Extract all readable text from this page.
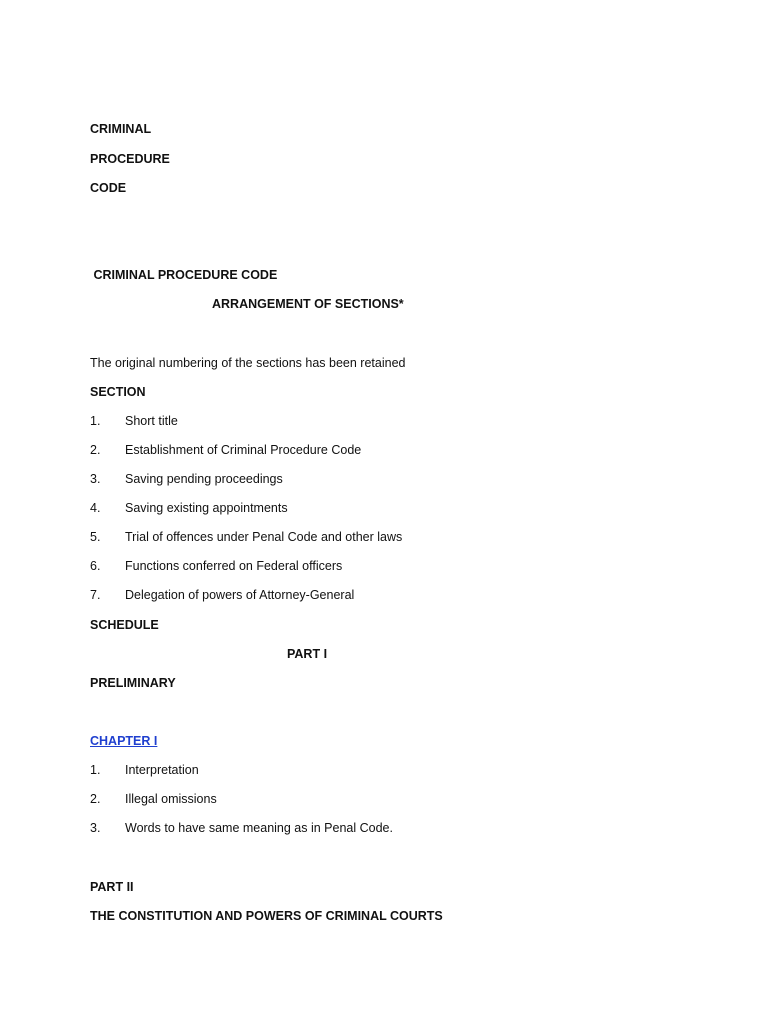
CRIMINAL
PROCEDURE
CODE
CRIMINAL PROCEDURE CODE
ARRANGEMENT OF SECTIONS*
The original numbering of the sections has been retained
SECTION
1. Short title
2. Establishment of Criminal Procedure Code
3. Saving pending proceedings
4. Saving existing appointments
5. Trial of offences under Penal Code and other laws
6. Functions conferred on Federal officers
7. Delegation of powers of Attorney-General
SCHEDULE
PART I
PRELIMINARY
CHAPTER I
1. Interpretation
2. Illegal omissions
3. Words to have same meaning as in Penal Code.
PART II
THE CONSTITUTION AND POWERS OF CRIMINAL COURTS
